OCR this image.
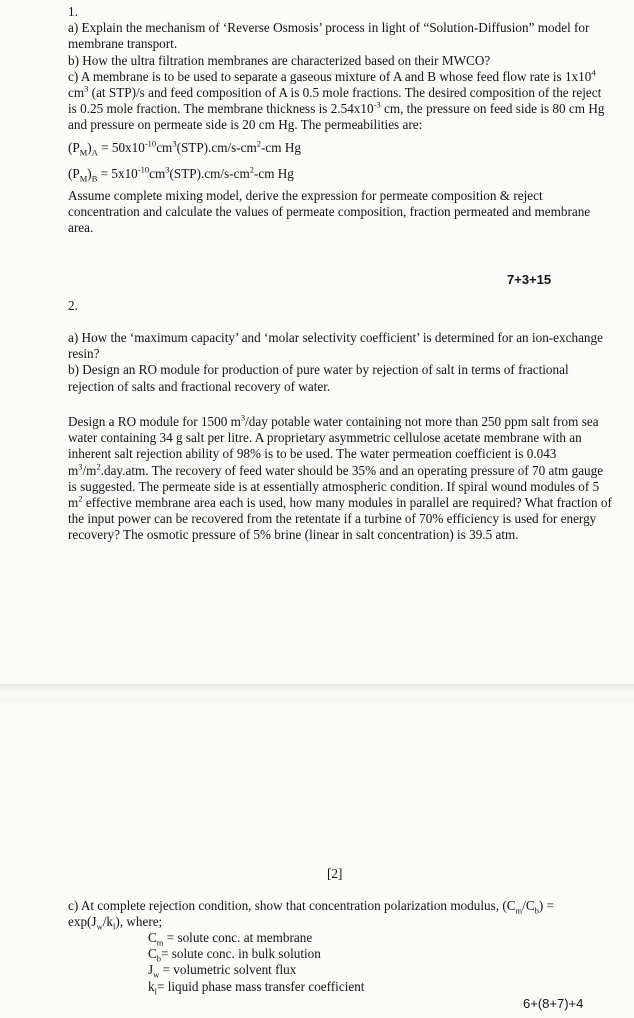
1.

a) Explain the mechanism of ‘Reverse Osmosis’ process in light of “Solution-Diffusion” model for membrane transport.

b) How the ultra filtration membranes are characterized based on their MWCO?

c) A membrane is to be used to separate a gaseous mixture of A and B whose feed flow rate is $1x10^4$ $cm^3$ (at STP)/s and feed composition of A is 0.5 mole fractions. The desired composition of the reject is 0.25 mole fraction. The membrane thickness is $2.54x10^{-3}$ cm, the pressure on feed side is 80 cm Hg and pressure on permeate side is 20 cm Hg. The permeabilities are:

$(P_M)_A = 50x10^{-10}cm^3(STP).cm/s-cm^2-cm$ Hg

$(P_M)_B = 5x10^{-10}cm^3(STP).cm/s-cm^2-cm$ Hg

Assume complete mixing model, derive the expression for permeate composition & reject concentration and calculate the values of permeate composition, fraction permeated and membrane area.

7+3+15
2.

a) How the ‘maximum capacity’ and ‘molar selectivity coefficient’ is determined for an ion-exchange resin?

b) Design an RO module for production of pure water by rejection of salt in terms of fractional rejection of salts and fractional recovery of water.

Design a RO module for 1500 $m^3$/day potable water containing not more than 250 ppm salt from sea water containing 34 g salt per litre. A proprietary asymmetric cellulose acetate membrane with an inherent salt rejection ability of 98% is to be used. The water permeation coefficient is 0.043 $m^3/m^2.day.atm$. The recovery of feed water should be 35% and an operating pressure of 70 atm gauge is suggested. The permeate side is at essentially atmospheric condition. If spiral wound modules of 5 $m^2$ effective membrane area each is used, how many modules in parallel are required? What fraction of the input power can be recovered from the retentate if a turbine of 70% efficiency is used for energy recovery? The osmotic pressure of 5% brine (linear in salt concentration) is 39.5 atm.

[2]

c) At complete rejection condition, show that concentration polarization modulus, $(C_m/C_b) = \exp(J_w/k_l)$, where;

$C_m$ = solute conc. at membrane
$C_b=$ solute conc. in bulk solution
$J_w$ = volumetric solvent flux
$k_l=$ liquid phase mass transfer coefficient
6+(8+7)+4
